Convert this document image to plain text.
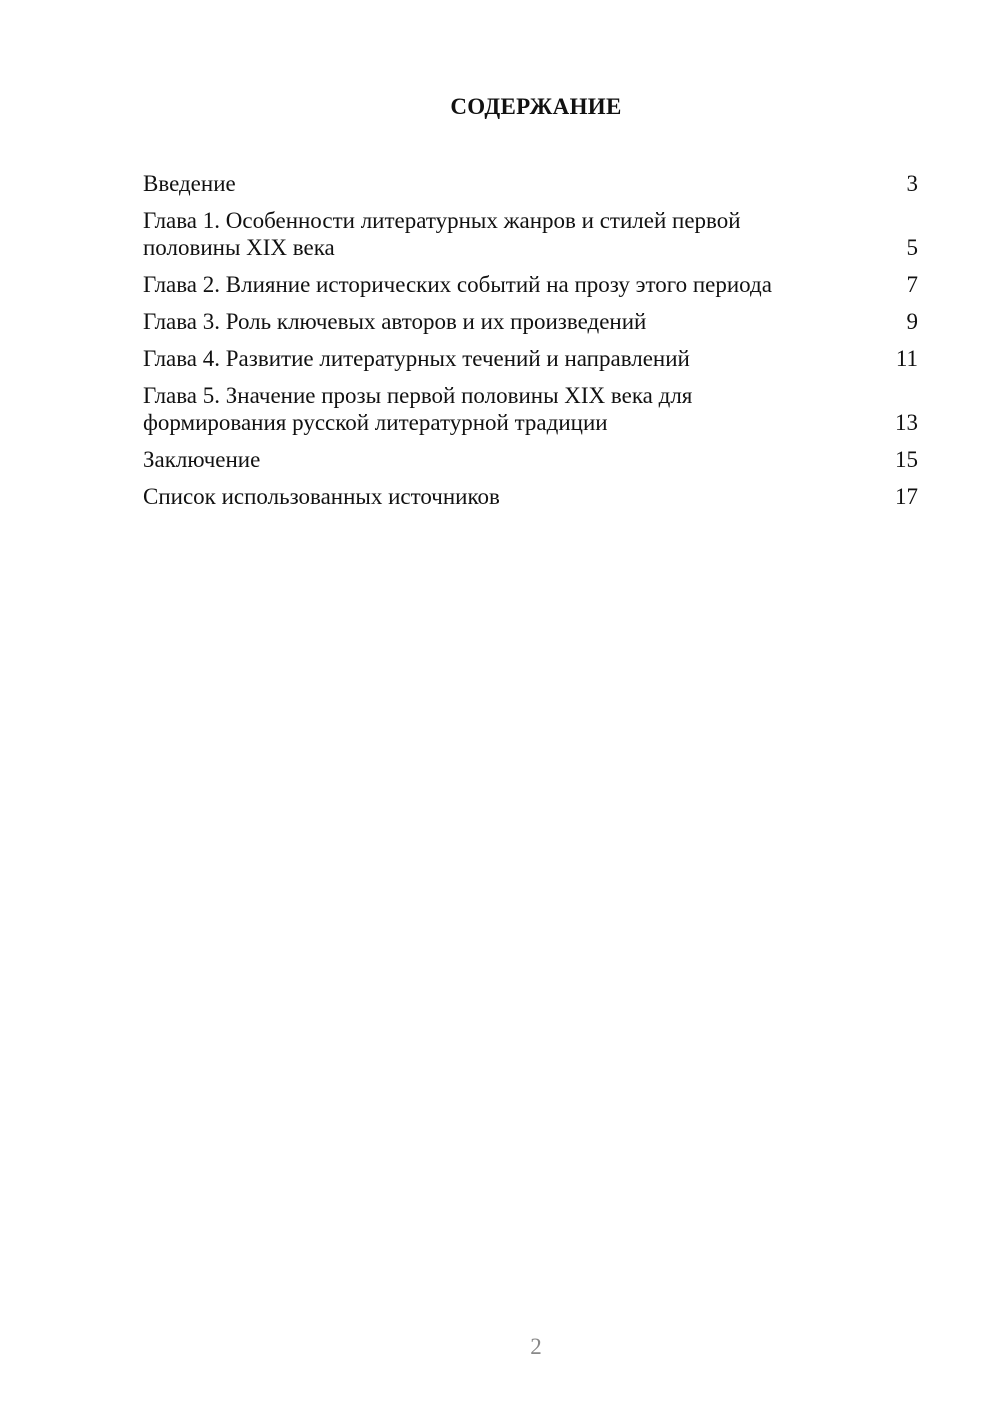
СОДЕРЖАНИЕ
Введение	3
Глава 1. Особенности литературных жанров и стилей первой половины XIX века	5
Глава 2. Влияние исторических событий на прозу этого периода	7
Глава 3. Роль ключевых авторов и их произведений	9
Глава 4. Развитие литературных течений и направлений	11
Глава 5. Значение прозы первой половины XIX века для формирования русской литературной традиции	13
Заключение	15
Список использованных источников	17
2
